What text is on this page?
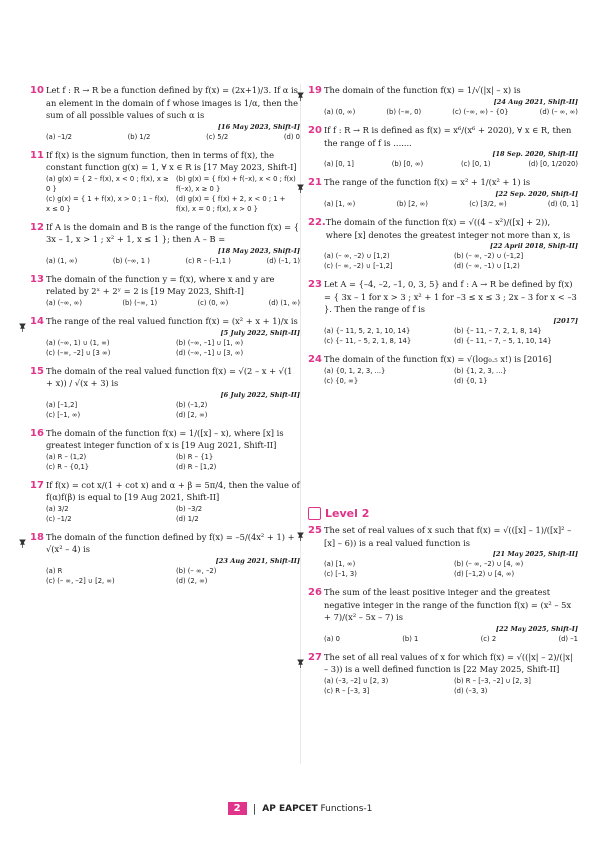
10 Let f : R → R be a function defined by f(x) = (2x+1)/3. If α is an element in the domain of f whose images is 1/α, then the sum of all possible values of such α is
[16 May 2023, Shift-I]
(a) –1/2	(b) 1/2	(c) 5/2	(d) 0
11 If f(x) is the signum function, then in terms of f(x), the constant function g(x) = 1, ∀ x ∈ R is [17 May 2023, Shift-I]
(a) g(x) = { 2 – f(x), x < 0 ; f(x), x ≥ 0 }
(b) g(x) = { f(x) + f(–x), x < 0 ; f(x) f(–x), x ≥ 0 }
(c) g(x) = { 1 + f(x), x > 0 ; 1 – f(x), x ≤ 0 }
(d) g(x) = { f(x) + 2, x < 0 ; 1 + f(x), x = 0 ; f(x), x > 0 }
12 If A is the domain and B is the range of the function f(x) = { 3x – 1, x > 1 ; x² + 1, x ≤ 1 }; then A – B =
[18 May 2023, Shift-I]
(a) (1, ∞)	(b) (–∞, 1 )	(c) R – (–1,1 )	(d) (–1, 1)
13 The domain of the function y = f(x), where x and y are related by 2ˣ + 2ʸ = 2 is [19 May 2023, Shift-I]
(a) (–∞, ∞)	(b) (–∞, 1)	(c) (0, ∞)	(d) (1, ∞)
14 The range of the real valued function f(x) = (x² + x + 1)/x is
[5 July 2022, Shift-II]
(a) (–∞, 1) ∪ (1, ∞)	(b) (–∞, –1] ∪ [1, ∞)
(c) (–∞, –2] ∪ [3 ∞)	(d) (–∞, –1] ∪ [3, ∞)
15 The domain of the real valued function f(x) = √(2 – x + √(1 + x)) / √(x + 3) is
[6 July 2022, Shift-II]
(a) [–1,2]	(b) (–1,2)
(c) [–1, ∞)	(d) [2, ∞)
16 The domain of the function f(x) = 1/([x] – x), where [x] is greatest integer function of x is [19 Aug 2021, Shift-II]
(a) R – (1,2)	(b) R – {1}
(c) R – {0,1}	(d) R – [1,2)
17 If f(x) = cot x/(1 + cot x) and α + β = 5π/4, then the value of f(α)f(β) is equal to [19 Aug 2021, Shift-II]
(a) 3/2	(b) –3/2
(c) –1/2	(d) 1/2
18 The domain of the function defined by f(x) = –5/(4x² + 1) + √(x² – 4) is
[23 Aug 2021, Shift-II]
(a) R	(b) (– ∞, –2)
(c) (– ∞, –2] ∪ [2, ∞)	(d) (2, ∞)
19 The domain of the function f(x) = 1/√(|x| – x) is
[24 Aug 2021, Shift-II]
(a) (0, ∞)	(b) (–∞, 0)	(c) (–∞, ∞) – {0}	(d) (– ∞, ∞)
20 If f : R → R is defined as f(x) = x⁶/(x⁶ + 2020), ∀ x ∈ R, then the range of f is .......
[18 Sep. 2020, Shift-II]
(a) [0, 1]	(b) [0, ∞)	(c) [0, 1)	(d) [0, 1/2020)
21 The range of the function f(x) = x² + 1/(x² + 1) is
[22 Sep. 2020, Shift-I]
(a) [1, ∞)	(b) [2, ∞)	(c) [3/2, ∞)	(d) (0, 1]
22. The domain of the function f(x) = √((4 – x²)/([x] + 2)), where [x] denotes the greatest integer not more than x, is
[22 April 2018, Shift-II]
(a) (– ∞, –2) ∪ [1,2)	(b) (– ∞, –2) ∪ (–1,2]
(c) (– ∞, –2) ∪ [–1,2]	(d) (– ∞, –1) ∪ [1,2)
23 Let A = {–4, –2, –1, 0, 3, 5} and f : A → R be defined by f(x) = { 3x – 1 for x > 3 ; x² + 1 for –3 ≤ x ≤ 3 ; 2x – 3 for x < –3 }. Then the range of f is
[2017]
(a) {– 11, 5, 2, 1, 10, 14}	(b) {– 11, – 7, 2, 1, 8, 14}
(c) {– 11, – 5, 2, 1, 8, 14}	(d) {– 11, – 7, – 5, 1, 10, 14}
24 The domain of the function f(x) = √(log₀.₅ x!) is [2016]
(a) {0, 1, 2, 3, ...}	(b) {1, 2, 3, ...}
(c) {0, ∞}	(d) {0, 1}
Level 2
25 The set of real values of x such that f(x) = √(([x] – 1)/([x]² – [x] – 6)) is a real valued function is
[21 May 2025, Shift-II]
(a) [1, ∞)	(b) (– ∞, –2) ∪ [4, ∞)
(c) [–1, 3)	(d) [–1,2) ∪ [4, ∞)
26 The sum of the least positive integer and the greatest negative integer in the range of the function f(x) = (x² – 5x + 7)/(x² – 5x – 7) is
[22 May 2025, Shift-I]
(a) 0	(b) 1	(c) 2	(d) –1
27 The set of all real values of x for which f(x) = √((|x| – 2)/(|x| – 3)) is a well defined function is [22 May 2025, Shift-II]
(a) (–3, –2] ∪ [2, 3)	(b) R – [–3, –2] ∪ [2, 3]
(c) R – [–3, 3]	(d) (–3, 3)
2	| AP EAPCET Functions-1
